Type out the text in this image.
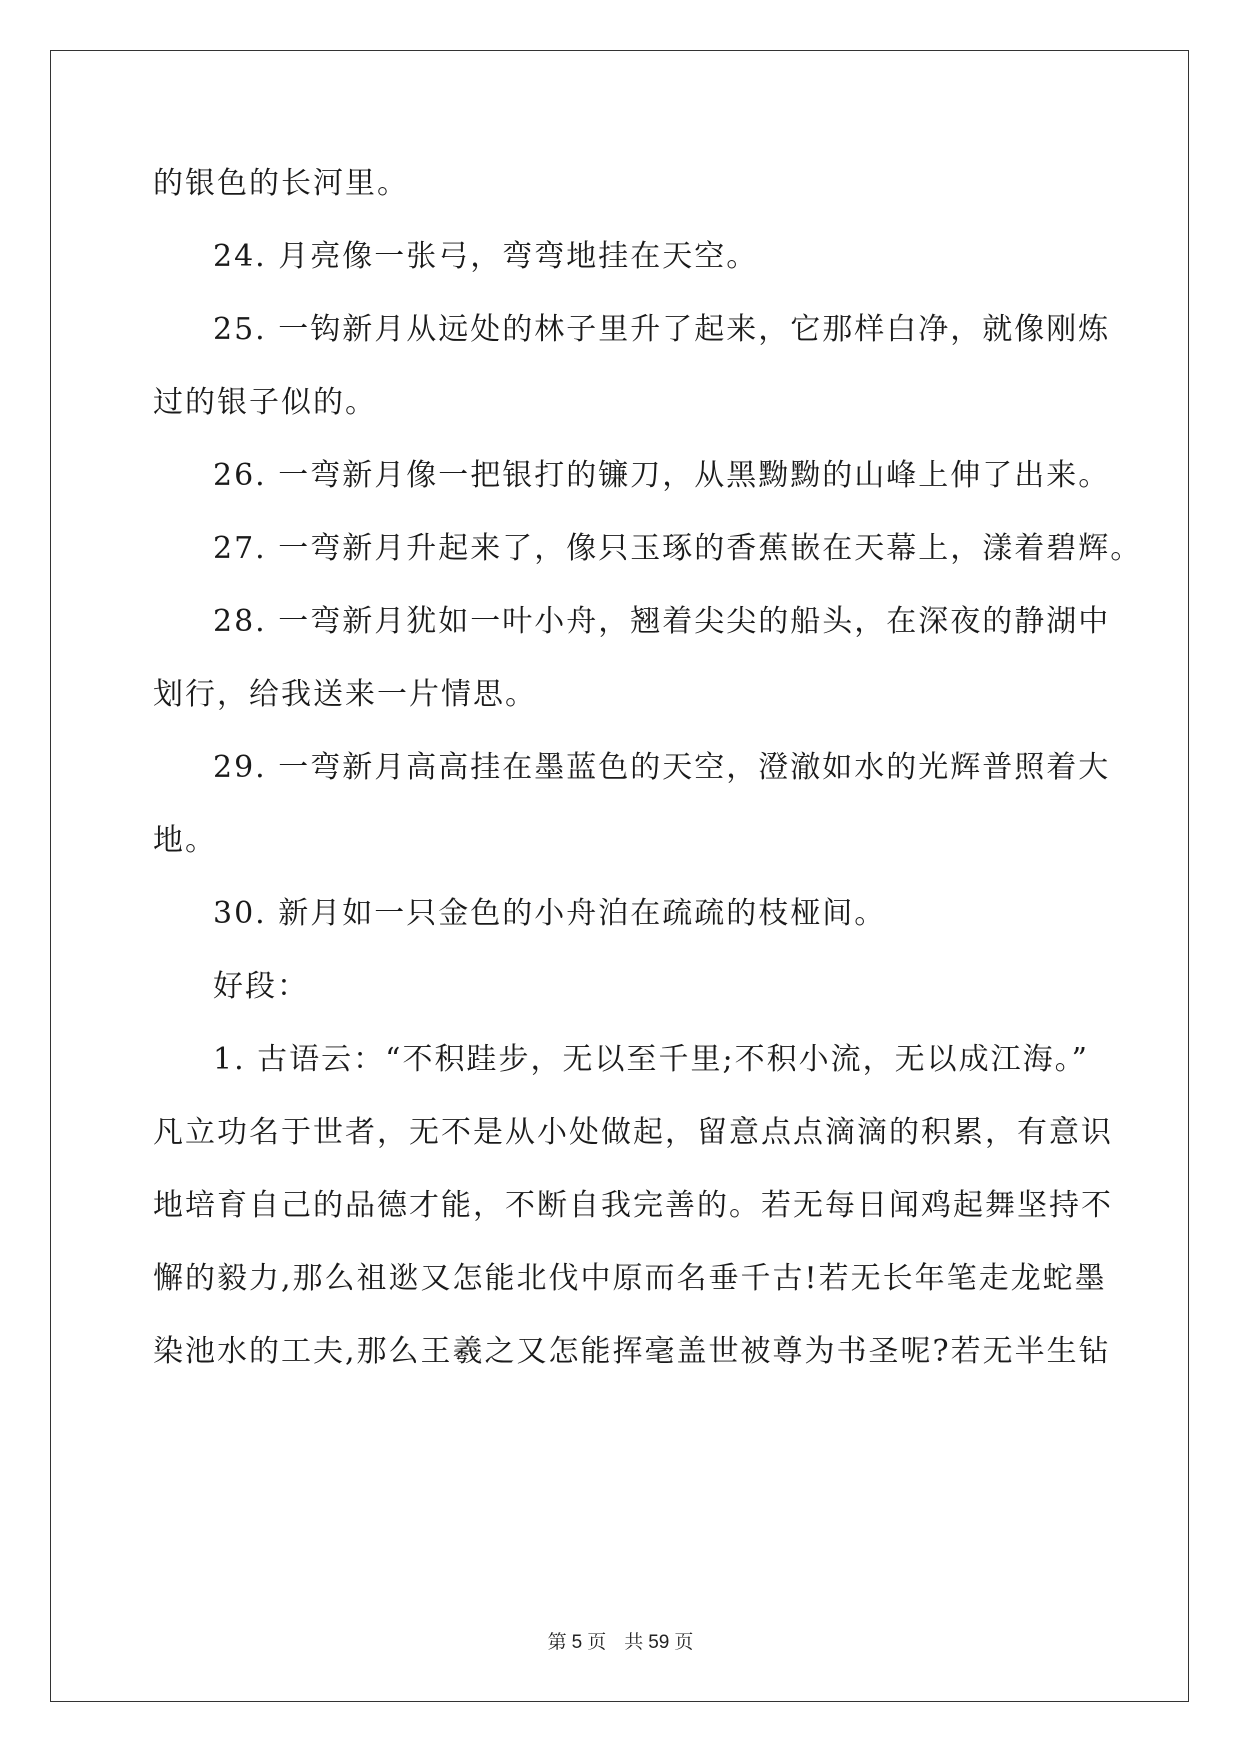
的银色的长河里。
24. 月亮像一张弓，弯弯地挂在天空。
25. 一钩新月从远处的林子里升了起来，它那样白净，就像刚炼
过的银子似的。
26. 一弯新月像一把银打的镰刀，从黑黝黝的山峰上伸了出来。
27. 一弯新月升起来了，像只玉琢的香蕉嵌在天幕上，漾着碧辉。
28. 一弯新月犹如一叶小舟，翘着尖尖的船头，在深夜的静湖中
划行，给我送来一片情思。
29. 一弯新月高高挂在墨蓝色的天空，澄澈如水的光辉普照着大
地。
30. 新月如一只金色的小舟泊在疏疏的枝桠间。
好段：
1. 古语云：“不积跬步，无以至千里;不积小流，无以成江海。”
凡立功名于世者，无不是从小处做起，留意点点滴滴的积累，有意识
地培育自己的品德才能，不断自我完善的。若无每日闻鸡起舞坚持不
懈的毅力,那么祖逖又怎能北伐中原而名垂千古!若无长年笔走龙蛇墨
染池水的工夫,那么王羲之又怎能挥毫盖世被尊为书圣呢?若无半生钻
第 5 页 共 59 页
